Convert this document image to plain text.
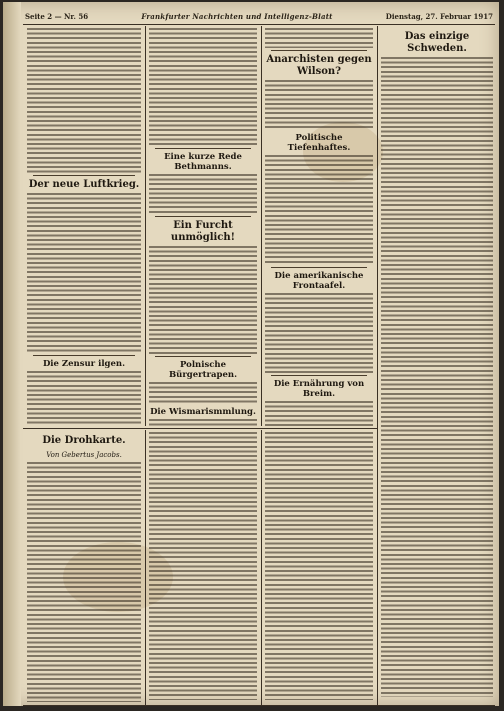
Seite 2 — Nr. 56	Frankfurter Nachrichten und Intelligenz-Blatt	Dienstag, 27. Februar 1917
Der neue Luftkrieg.
Die Zensur ilgen.
Eine kurze Rede Bethmanns.
Ein Furcht unmöglich!
Polnische Bürgertrapen.
Die Wismarismmlung.
Anarchisten gegen Wilson?
Politische Tiefenhaftes.
Die amerikanische Frontaafel.
Die Ernährung von Breim.
Das einzige Schweden.
Die Drohkarte.
Von Gebertus Jacobs.
